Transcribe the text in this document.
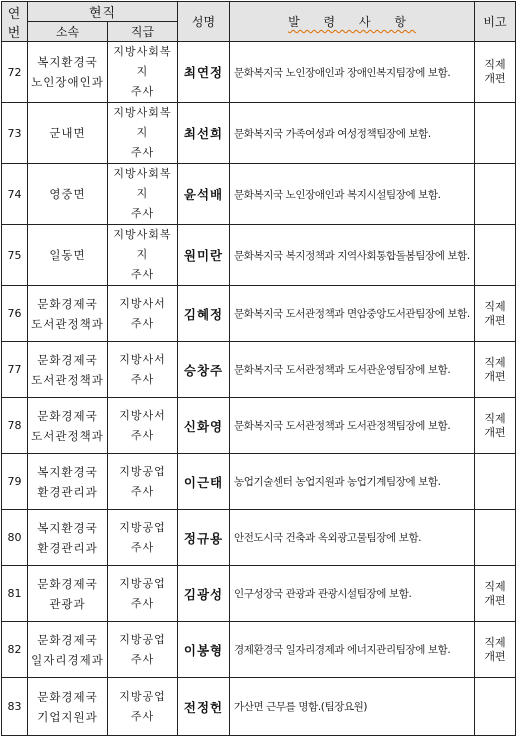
연
번	현직		성명	발 령 사 항	비고
	소속	직급			
72	복지환경국
노인장애인과	지방사회복지
주사	최연정	문화복지국 노인장애인과 장애인복지팀장에 보함.	직제
개편

73	군내면	지방사회복지
주사	최선희	문화복지국 가족여성과 여성정책팀장에 보함.	

74	영중면	지방사회복지
주사	윤석배	문화복지국 노인장애인과 복지시설팀장에 보함.	

75	일동면	지방사회복지
주사	원미란	문화복지국 복지정책과 지역사회통합돌봄팀장에 보함.	

76	문화경제국
도서관정책과	지방사서
주사	김혜정	문화복지국 도서관정책과 면암중앙도서관팀장에 보함.	직제
개편

77	문화경제국
도서관정책과	지방사서
주사	승창주	문화복지국 도서관정책과 도서관운영팀장에 보함.	직제
개편

78	문화경제국
도서관정책과	지방사서
주사	신화영	문화복지국 도서관정책과 도서관정책팀장에 보함.	직제
개편

79	복지환경국
환경관리과	지방공업
주사	이근태	농업기술센터 농업지원과 농업기계팀장에 보함.	

80	복지환경국
환경관리과	지방공업
주사	정규용	안전도시국 건축과 옥외광고물팀장에 보함.	

81	문화경제국
관광과	지방공업
주사	김광성	인구성장국 관광과 관광시설팀장에 보함.	직제
개편

82	문화경제국
일자리경제과	지방공업
주사	이봉형	경제환경국 일자리경제과 에너지관리팀장에 보함.	직제
개편

83	문화경제국
기업지원과	지방공업
주사	전정헌	가산면 근무를 명함.(팀장요원)	
